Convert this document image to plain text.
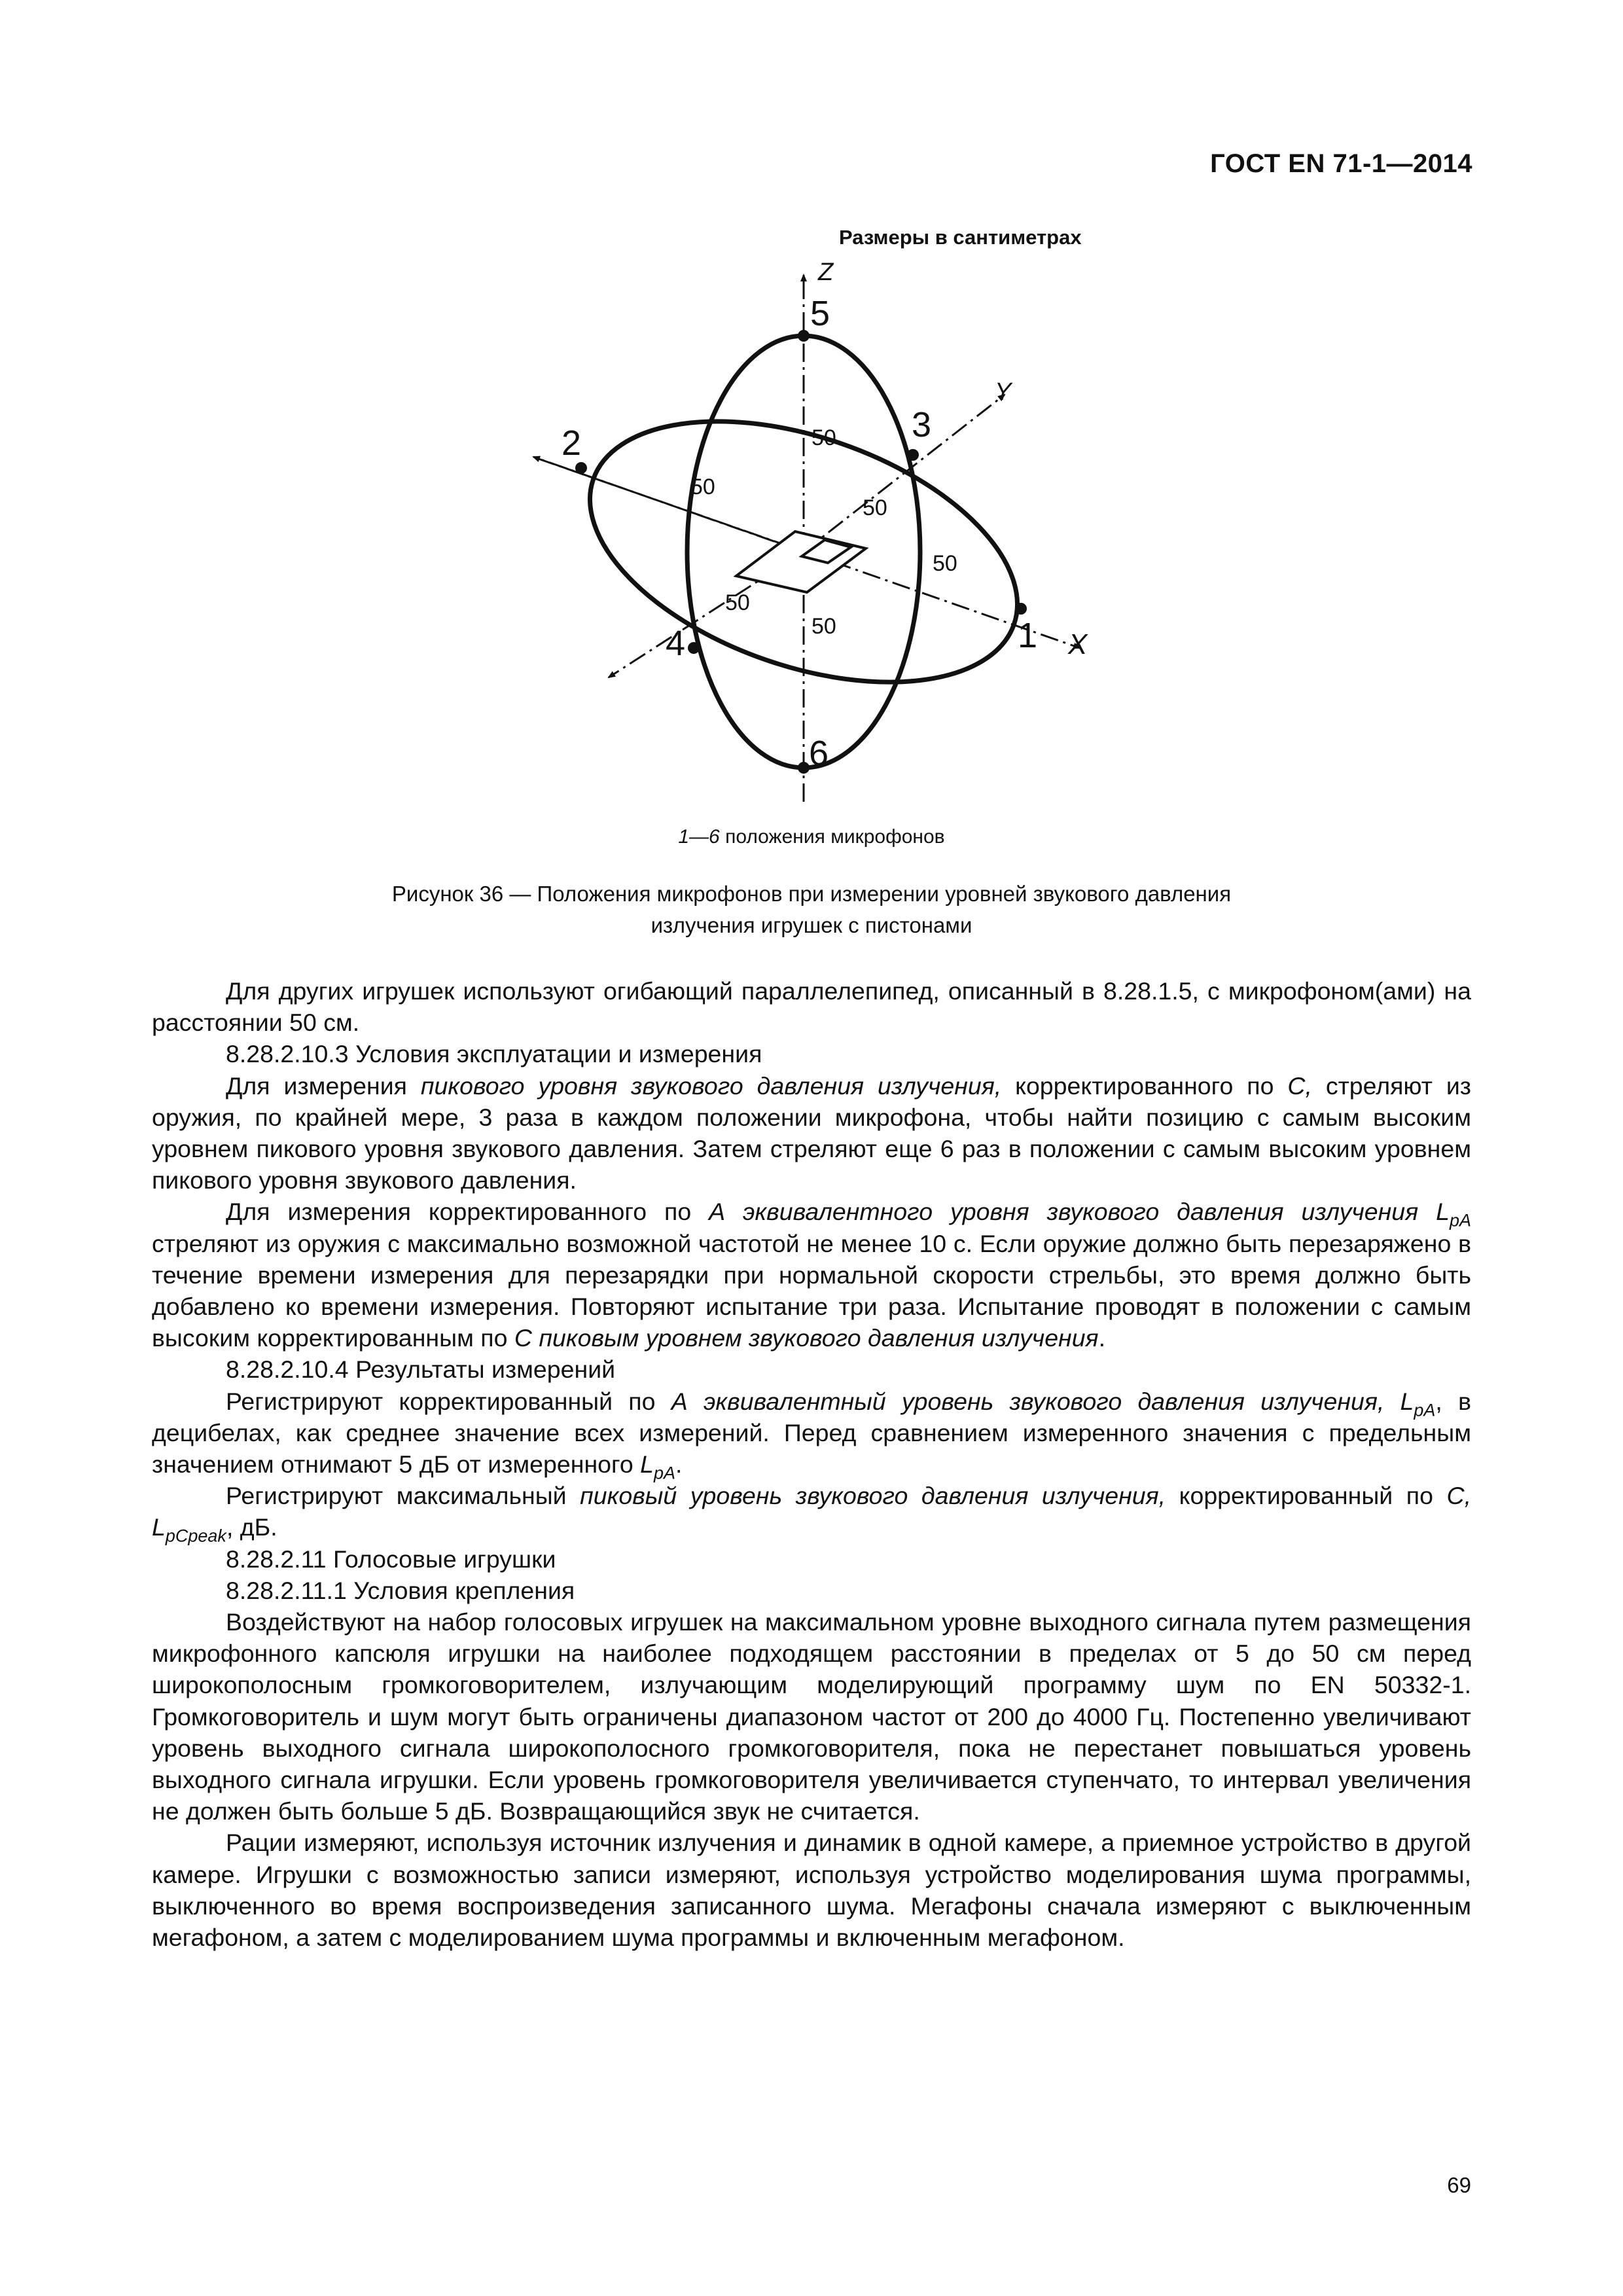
ГОСТ EN 71-1—2014
Размеры в сантиметрах
Z
Y
X
5
3
2
1
4
6
50
50
50
50
50
50
1—6 положения микрофонов
Рисунок 36 — Положения микрофонов при измерении уровней звукового давления
излучения игрушек с пистонами

Для других игрушек используют огибающий параллелепипед, описанный в 8.28.1.5, с микрофоном(ами) на расстоянии 50 см.

8.28.2.10.3 Условия эксплуатации и измерения

Для измерения пикового уровня звукового давления излучения, корректированного по С, стреляют из оружия, по крайней мере, 3 раза в каждом положении микрофона, чтобы найти позицию с самым высоким уровнем пикового уровня звукового давления. Затем стреляют еще 6 раз в положении с самым высоким уровнем пикового уровня звукового давления.

Для измерения корректированного по А эквивалентного уровня звукового давления излучения $L_{pA}$ стреляют из оружия с максимально возможной частотой не менее 10 с. Если оружие должно быть перезаряжено в течение времени измерения для перезарядки при нормальной скорости стрельбы, это время должно быть добавлено ко времени измерения. Повторяют испытание три раза. Испытание проводят в положении с самым высоким корректированным по С пиковым уровнем звукового давления излучения.

8.28.2.10.4 Результаты измерений

Регистрируют корректированный по А эквивалентный уровень звукового давления излучения, $L_{pA}$, в децибелах, как среднее значение всех измерений. Перед сравнением измеренного значения с предельным значением отнимают 5 дБ от измеренного $L_{pA}$.

Регистрируют максимальный пиковый уровень звукового давления излучения, корректированный по С, $L_{pCpeak}$, дБ.

8.28.2.11 Голосовые игрушки

8.28.2.11.1 Условия крепления

Воздействуют на набор голосовых игрушек на максимальном уровне выходного сигнала путем размещения микрофонного капсюля игрушки на наиболее подходящем расстоянии в пределах от 5 до 50 см перед широкополосным громкоговорителем, излучающим моделирующий программу шум по EN 50332-1. Громкоговоритель и шум могут быть ограничены диапазоном частот от 200 до 4000 Гц. Постепенно увеличивают уровень выходного сигнала широкополосного громкоговорителя, пока не перестанет повышаться уровень выходного сигнала игрушки. Если уровень громкоговорителя увеличивается ступенчато, то интервал увеличения не должен быть больше 5 дБ. Возвращающийся звук не считается.

Рации измеряют, используя источник излучения и динамик в одной камере, а приемное устройство в другой камере. Игрушки с возможностью записи измеряют, используя устройство моделирования шума программы, выключенного во время воспроизведения записанного шума. Мегафоны сначала измеряют с выключенным мегафоном, а затем с моделированием шума программы и включенным мегафоном.

69
